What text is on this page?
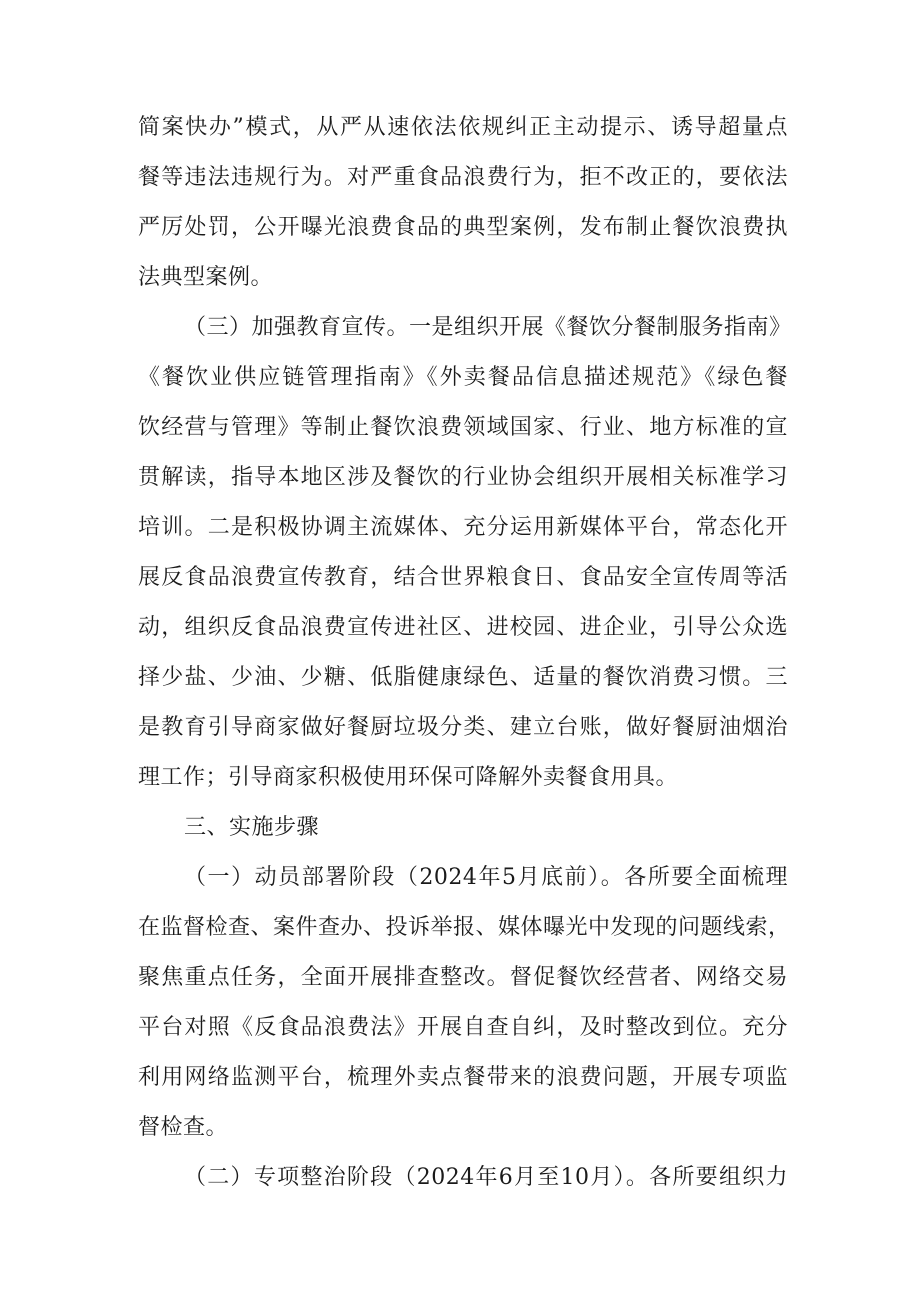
简案快办”模式，从严从速依法依规纠正主动提示、诱导超量点
餐等违法违规行为。对严重食品浪费行为，拒不改正的，要依法
严厉处罚，公开曝光浪费食品的典型案例，发布制止餐饮浪费执
法典型案例。
（三）加强教育宣传。一是组织开展《餐饮分餐制服务指南》
《餐饮业供应链管理指南》《外卖餐品信息描述规范》《绿色餐
饮经营与管理》等制止餐饮浪费领域国家、行业、地方标准的宣
贯解读，指导本地区涉及餐饮的行业协会组织开展相关标准学习
培训。二是积极协调主流媒体、充分运用新媒体平台，常态化开
展反食品浪费宣传教育，结合世界粮食日、食品安全宣传周等活
动，组织反食品浪费宣传进社区、进校园、进企业，引导公众选
择少盐、少油、少糖、低脂健康绿色、适量的餐饮消费习惯。三
是教育引导商家做好餐厨垃圾分类、建立台账，做好餐厨油烟治
理工作；引导商家积极使用环保可降解外卖餐食用具。
三、实施步骤
（一）动员部署阶段（2024年5月底前）。各所要全面梳理
在监督检查、案件查办、投诉举报、媒体曝光中发现的问题线索，
聚焦重点任务，全面开展排查整改。督促餐饮经营者、网络交易
平台对照《反食品浪费法》开展自查自纠，及时整改到位。充分
利用网络监测平台，梳理外卖点餐带来的浪费问题，开展专项监
督检查。
（二）专项整治阶段（2024年6月至10月）。各所要组织力
